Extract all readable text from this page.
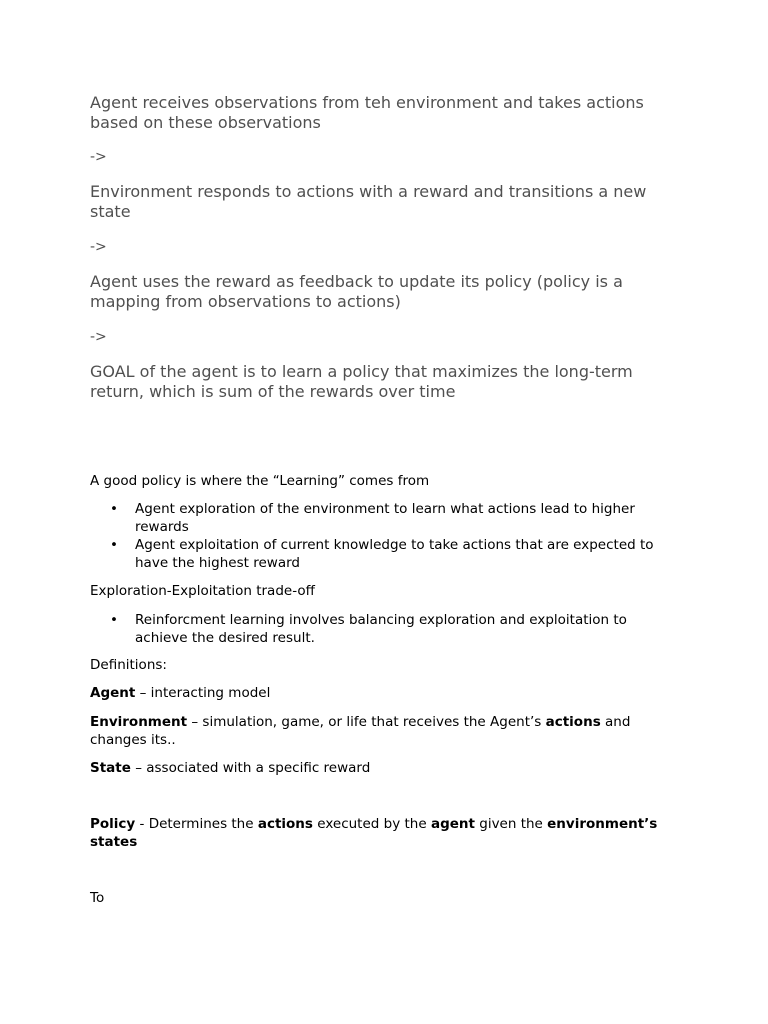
Agent receives observations from teh environment and takes actions based on these observations

->

Environment responds to actions with a reward and transitions a new state

->

Agent uses the reward as feedback to update its policy (policy is a mapping from observations to actions)

->

GOAL of the agent is to learn a policy that maximizes the long-term return, which is sum of the rewards over time

A good policy is where the “Learning” comes from

• Agent exploration of the environment to learn what actions lead to higher rewards
• Agent exploitation of current knowledge to take actions that are expected to have the highest reward

Exploration-Exploitation trade-off

• Reinforcment learning involves balancing exploration and exploitation to achieve the desired result.

Definitions:

Agent – interacting model

Environment – simulation, game, or life that receives the Agent’s actions and changes its..

State – associated with a specific reward

Policy - Determines the actions executed by the agent given the environment’s states

To
